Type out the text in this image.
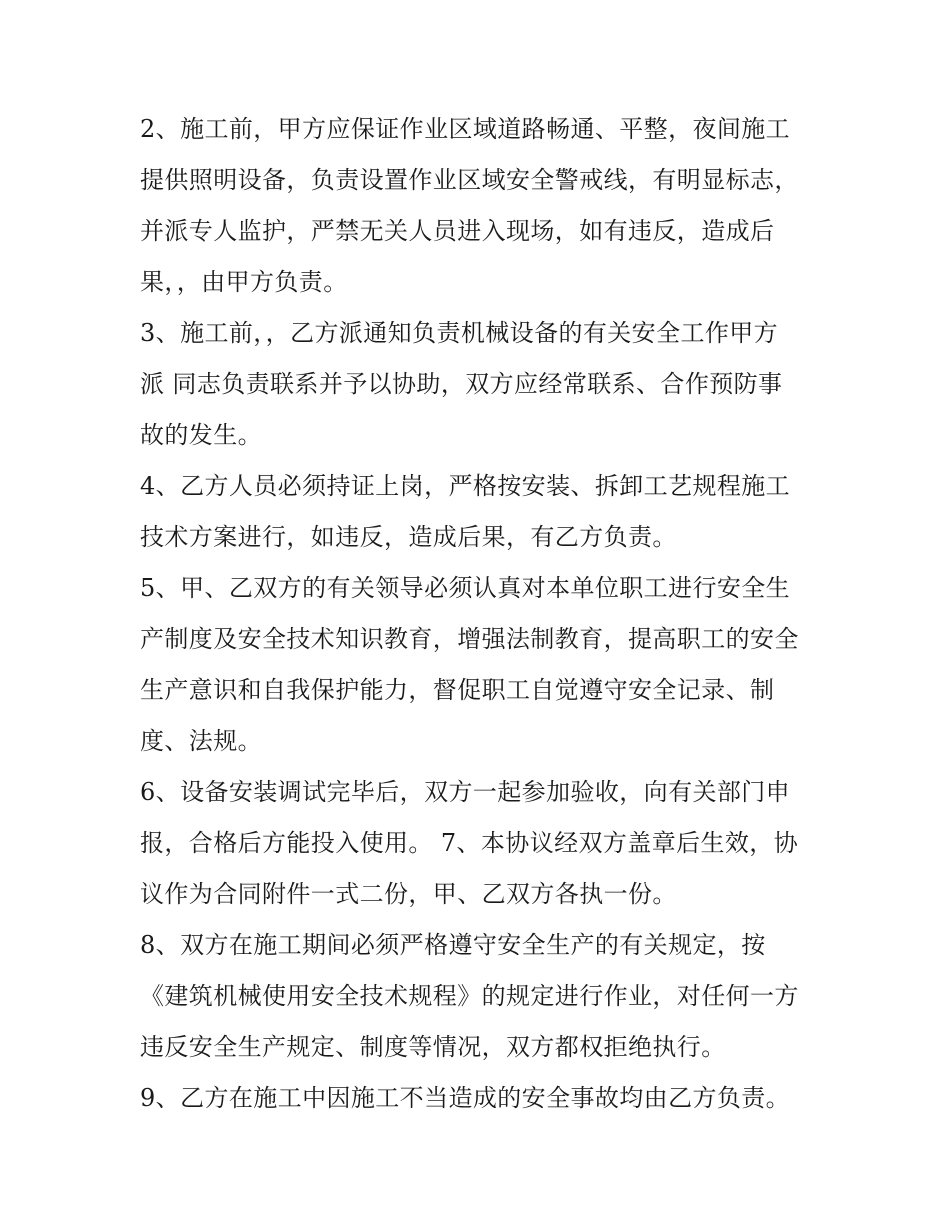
2、施工前，甲方应保证作业区域道路畅通、平整，夜间施工
提供照明设备，负责设置作业区域安全警戒线，有明显标志，
并派专人监护，严禁无关人员进入现场，如有违反，造成后
果，，由甲方负责。
3、施工前，，乙方派通知负责机械设备的有关安全工作甲方
派 同志负责联系并予以协助，双方应经常联系、合作预防事
故的发生。
4、乙方人员必须持证上岗，严格按安装、拆卸工艺规程施工
技术方案进行，如违反，造成后果，有乙方负责。
5、甲、乙双方的有关领导必须认真对本单位职工进行安全生
产制度及安全技术知识教育，增强法制教育，提高职工的安全
生产意识和自我保护能力，督促职工自觉遵守安全记录、制
度、法规。
6、设备安装调试完毕后，双方一起参加验收，向有关部门申
报，合格后方能投入使用。 7、本协议经双方盖章后生效，协
议作为合同附件一式二份，甲、乙双方各执一份。
8、双方在施工期间必须严格遵守安全生产的有关规定，按
《建筑机械使用安全技术规程》的规定进行作业，对任何一方
违反安全生产规定、制度等情况，双方都权拒绝执行。
9、乙方在施工中因施工不当造成的安全事故均由乙方负责。
